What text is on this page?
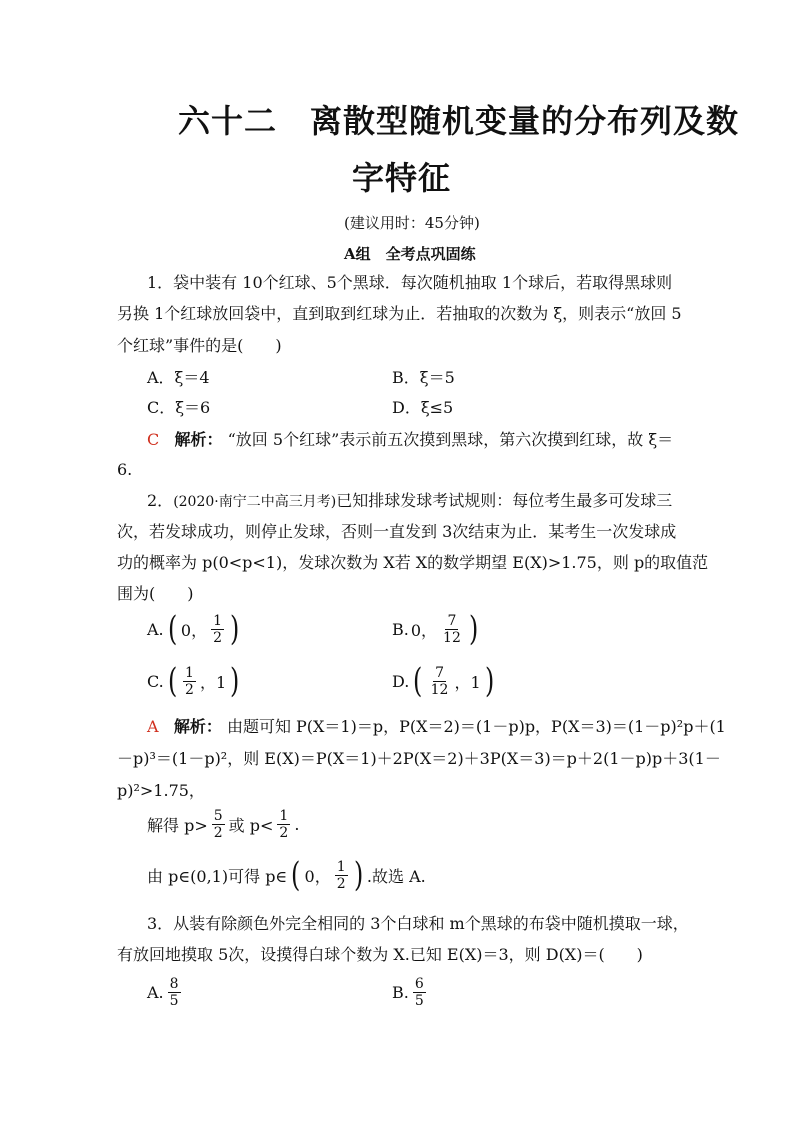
六十二　离散型随机变量的分布列及数
字特征
(建议用时：45分钟)
A组　全考点巩固练
1．袋中装有 10个红球、5个黑球．每次随机抽取 1个球后，若取得黑球则
另换 1个红球放回袋中，直到取到红球为止．若抽取的次数为 ξ，则表示“放回 5
个红球”事件的是(　　)
A．ξ＝4	B．ξ＝5
C．ξ＝6	D．ξ≤5
C 解析： “放回 5个红球”表示前五次摸到黑球，第六次摸到红球，故 ξ＝
6.
2．(2020·南宁二中高三月考)已知排球发球考试规则：每位考生最多可发球三
次，若发球成功，则停止发球，否则一直发到 3次结束为止．某考生一次发球成
功的概率为 p(0<p<1)，发球次数为 X若 X的数学期望 E(X)>1.75，则 p的取值范
围为(　　)
A. ( 0， $\frac{1}{2}$ )	B. 0， $\frac{7}{12}$ )
C. ( $\frac{1}{2}$ ，1 )	D. ( $\frac{7}{12}$ ，1 )
A 解析： 由题可知 P(X＝1)＝p，P(X＝2)＝(1－p)p，P(X＝3)＝(1－p)²p＋(1
－p)³＝(1－p)²，则 E(X)＝P(X＝1)＋2P(X＝2)＋3P(X＝3)＝p＋2(1－p)p＋3(1－
p)²>1.75，
解得 $p> \frac{5}{2}$ 或 $p< \frac{1}{2}$ .
由 p∈(0,1)可得 p∈ ( 0， $\frac{1}{2}$ ) .故选 A.
3．从装有除颜色外完全相同的 3个白球和 m个黑球的布袋中随机摸取一球，
有放回地摸取 5次，设摸得白球个数为 X.已知 E(X)＝3，则 D(X)＝(　　)
A. $\frac{8}{5}$	B. $\frac{6}{5}$
